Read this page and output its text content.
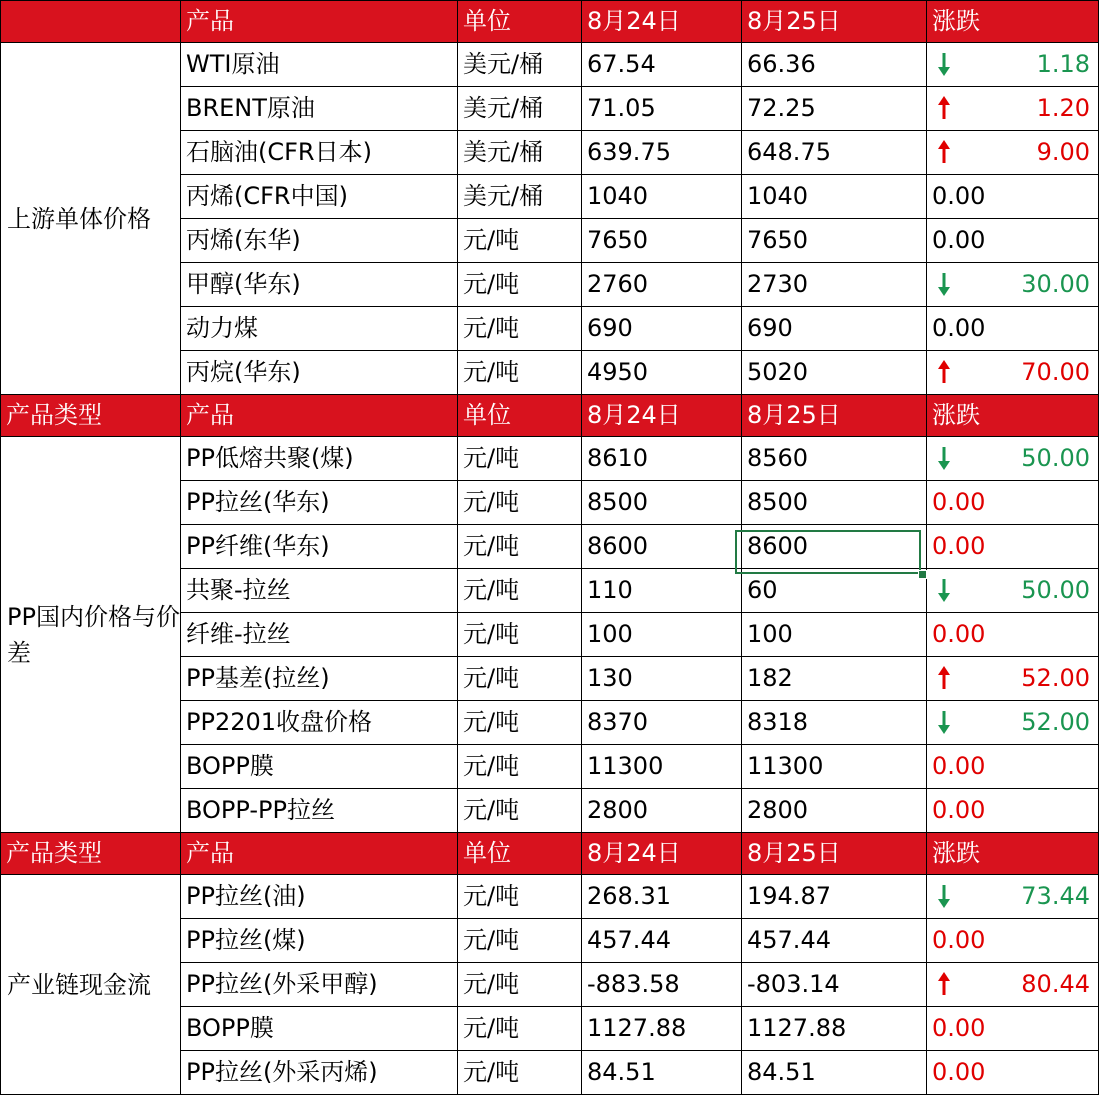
	产品	单位	8月24日	8月25日	涨跌
上游单体价格	WTI原油	美元/桶	67.54	66.36	1.18

	BRENT原油	美元/桶	71.05	72.25	1.20

	石脑油(CFR日本)	美元/桶	639.75	648.75	9.00

	丙烯(CFR中国)	美元/桶	1040	1040	0.00
	丙烯(东华)	元/吨	7650	7650	0.00
	甲醇(华东)	元/吨	2760	2730	30.00

	动力煤	元/吨	690	690	0.00
	丙烷(华东)	元/吨	4950	5020	70.00

产品类型	产品	单位	8月24日	8月25日	涨跌
PP国内价格与价差	PP低熔共聚(煤)	元/吨	8610	8560	50.00

	PP拉丝(华东)	元/吨	8500	8500	0.00
	PP纤维(华东)	元/吨	8600	8600	0.00
	共聚-拉丝	元/吨	110	60	50.00

	纤维-拉丝	元/吨	100	100	0.00
	PP基差(拉丝)	元/吨	130	182	52.00

	PP2201收盘价格	元/吨	8370	8318	52.00

	BOPP膜	元/吨	11300	11300	0.00
	BOPP-PP拉丝	元/吨	2800	2800	0.00
产品类型	产品	单位	8月24日	8月25日	涨跌
产业链现金流	PP拉丝(油)	元/吨	268.31	194.87	73.44

	PP拉丝(煤)	元/吨	457.44	457.44	0.00
	PP拉丝(外采甲醇)	元/吨	-883.58	-803.14	80.44

	BOPP膜	元/吨	1127.88	1127.88	0.00
	PP拉丝(外采丙烯)	元/吨	84.51	84.51	0.00
